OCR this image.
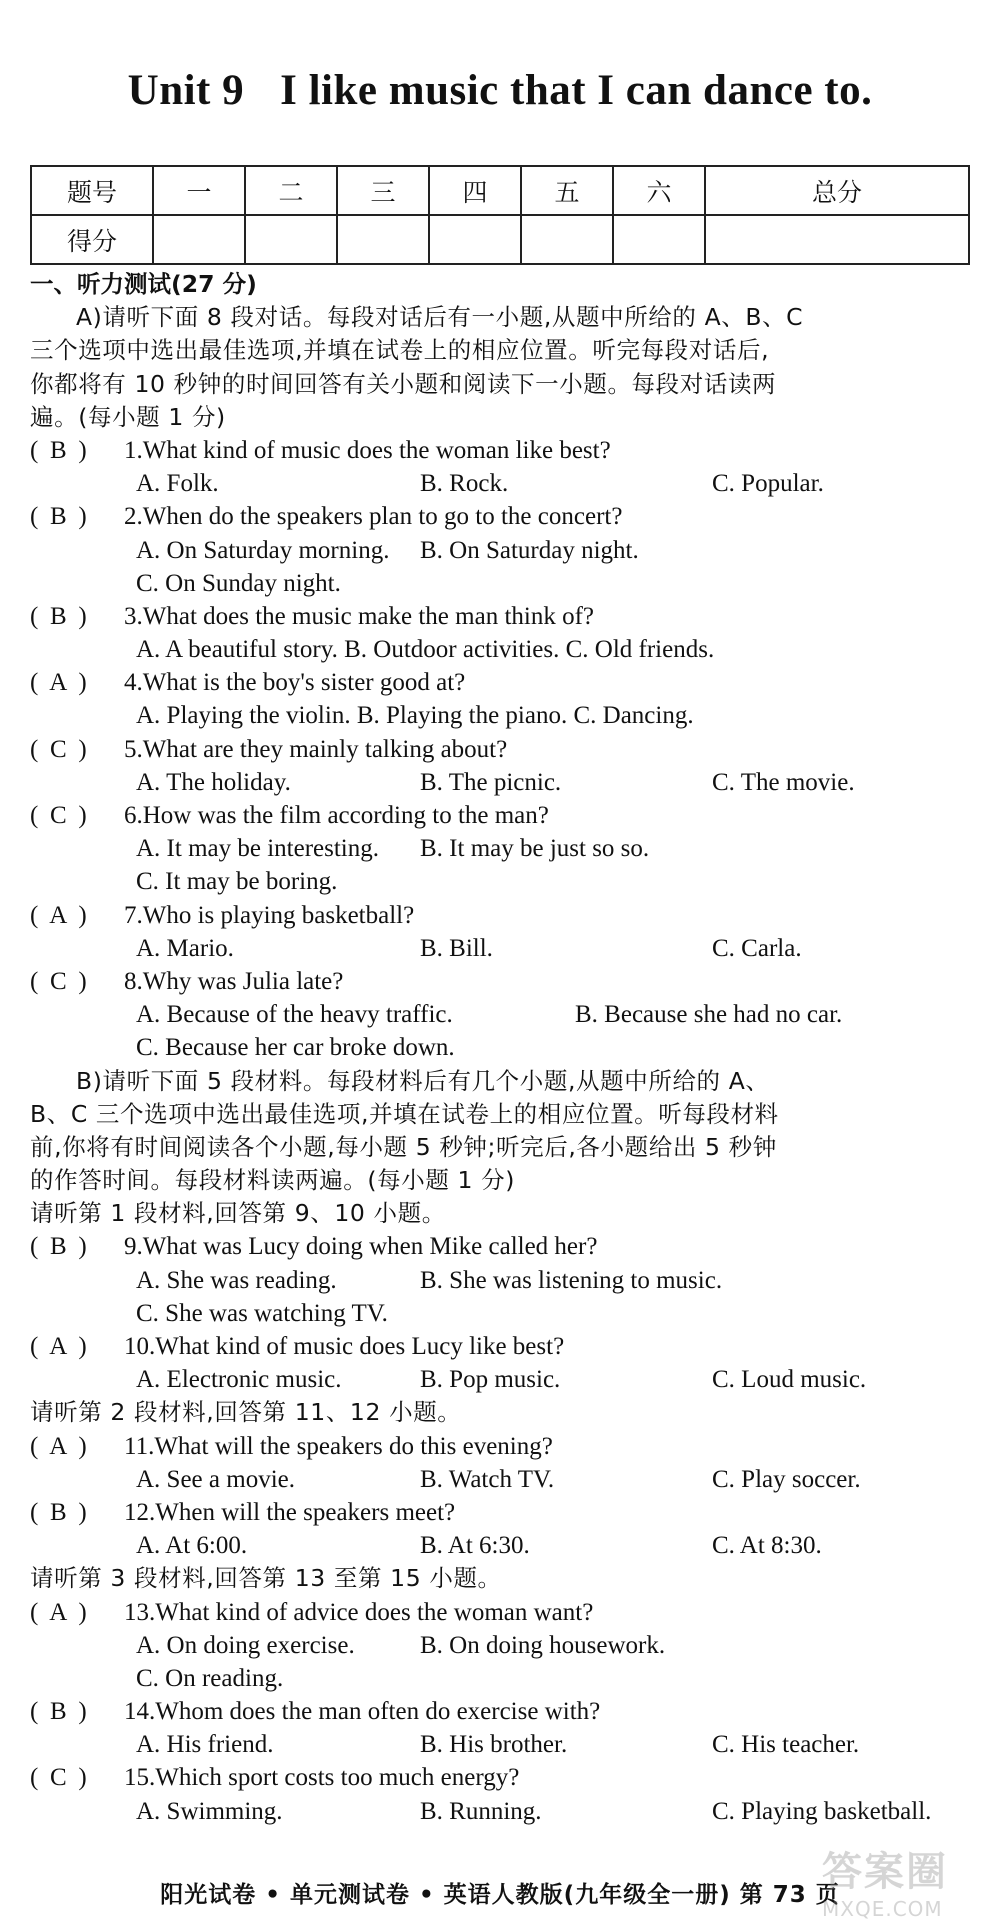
Unit 9 I like music that I can dance to.
题号	一	二	三	四	五	六	总分
得分							
一、听力测试(27 分)
A)请听下面 8 段对话。每段对话后有一小题,从题中所给的 A、B、C
三个选项中选出最佳选项,并填在试卷上的相应位置。听完每段对话后,
你都将有 10 秒钟的时间回答有关小题和阅读下一小题。每段对话读两
遍。(每小题 1 分)
( B ) 1.What kind of music does the woman like best?
A. Folk.	B. Rock.	C. Popular.
( B ) 2.When do the speakers plan to go to the concert?
A. On Saturday morning. B. On Saturday night.
C. On Sunday night.
( B ) 3.What does the music make the man think of?
A. A beautiful story. B. Outdoor activities. C. Old friends.
( A ) 4.What is the boy's sister good at?
A. Playing the violin. B. Playing the piano. C. Dancing.
( C ) 5.What are they mainly talking about?
A. The holiday.	B. The picnic.	C. The movie.
( C ) 6.How was the film according to the man?
A. It may be interesting. B. It may be just so so.
C. It may be boring.
( A ) 7.Who is playing basketball?
A. Mario.	B. Bill.	C. Carla.
( C ) 8.Why was Julia late?
A. Because of the heavy traffic.	B. Because she had no car.
C. Because her car broke down.
B)请听下面 5 段材料。每段材料后有几个小题,从题中所给的 A、
B、C 三个选项中选出最佳选项,并填在试卷上的相应位置。听每段材料
前,你将有时间阅读各个小题,每小题 5 秒钟;听完后,各小题给出 5 秒钟
的作答时间。每段材料读两遍。(每小题 1 分)
请听第 1 段材料,回答第 9、10 小题。
( B ) 9.What was Lucy doing when Mike called her?
A. She was reading.	B. She was listening to music.
C. She was watching TV.
( A ) 10.What kind of music does Lucy like best?
A. Electronic music.	B. Pop music.	C. Loud music.
请听第 2 段材料,回答第 11、12 小题。
( A ) 11.What will the speakers do this evening?
A. See a movie.	B. Watch TV.	C. Play soccer.
( B ) 12.When will the speakers meet?
A. At 6:00.	B. At 6:30.	C. At 8:30.
请听第 3 段材料,回答第 13 至第 15 小题。
( A ) 13.What kind of advice does the woman want?
A. On doing exercise.	B. On doing housework.
C. On reading.
( B ) 14.Whom does the man often do exercise with?
A. His friend.	B. His brother.	C. His teacher.
( C ) 15.Which sport costs too much energy?
A. Swimming.	B. Running.	C. Playing basketball.
阳光试卷 • 单元测试卷 • 英语人教版(九年级全一册) 第 73 页
答案圈
MXQE.COM
